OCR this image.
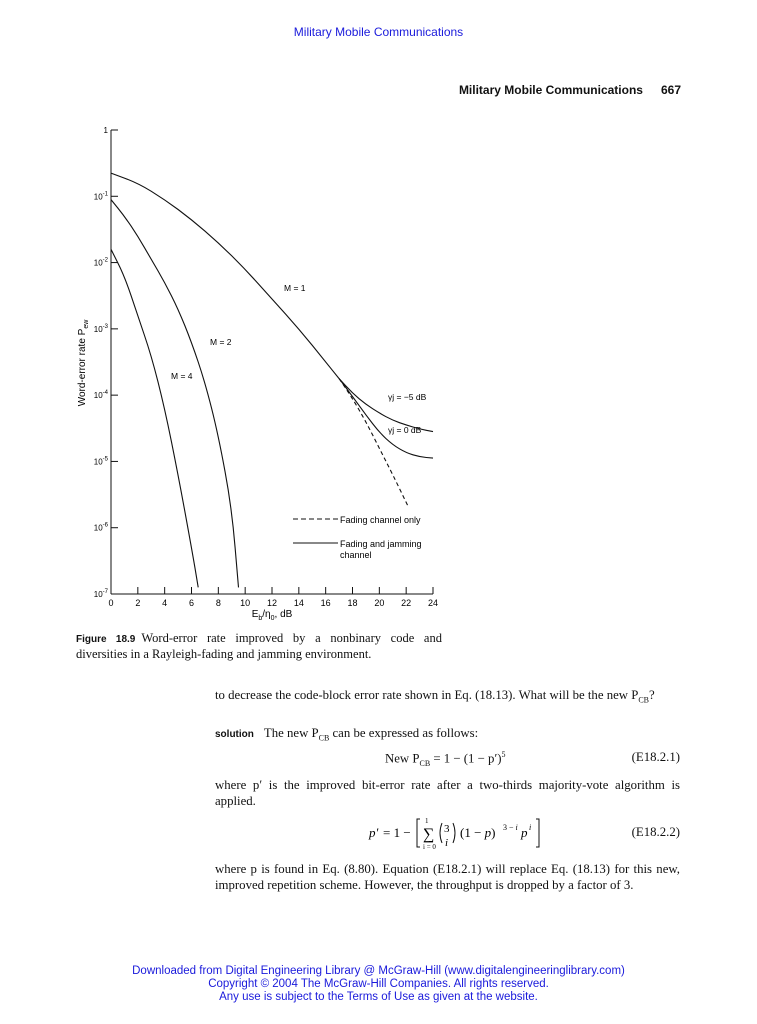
Military Mobile Communications
Military Mobile Communications 667
1
$10^{-1}$
$10^{-2}$
$10^{-3}$
$10^{-4}$
$10^{-5}$
$10^{-6}$
$10^{-7}$
0 2 4 6 8 10 12 14 16 18 20 22 24
M = 1
M = 2
M = 4
γj = −5 dB
γj = 0 dB
Word-error rate $P_{ew}$
$E_b/\eta_0$, dB
Fading channel only
Fading and jamming channel
Figure 18.9 Word-error rate improved by a nonbinary code and diversities in a Rayleigh-fading and jamming environment.
to decrease the code-block error rate shown in Eq. (18.13). What will be the new $P_{CB}$?
solution The new $P_{CB}$ can be expressed as follows:
New $P_{CB} = 1 - (1 - p')^5$	(E18.2.1)
where p′ is the improved bit-error rate after a two-thirds majority-vote algorithm is applied.
p′ = 1 − ∑
1
i = 0
3
i
(1 − p) 3 − i p i	(E18.2.2)
where p is found in Eq. (8.80). Equation (E18.2.1) will replace Eq. (18.13) for this new, improved repetition scheme. However, the throughput is dropped by a factor of 3.
Downloaded from Digital Engineering Library @ McGraw-Hill (www.digitalengineeringlibrary.com)
Copyright © 2004 The McGraw-Hill Companies. All rights reserved.
Any use is subject to the Terms of Use as given at the website.
